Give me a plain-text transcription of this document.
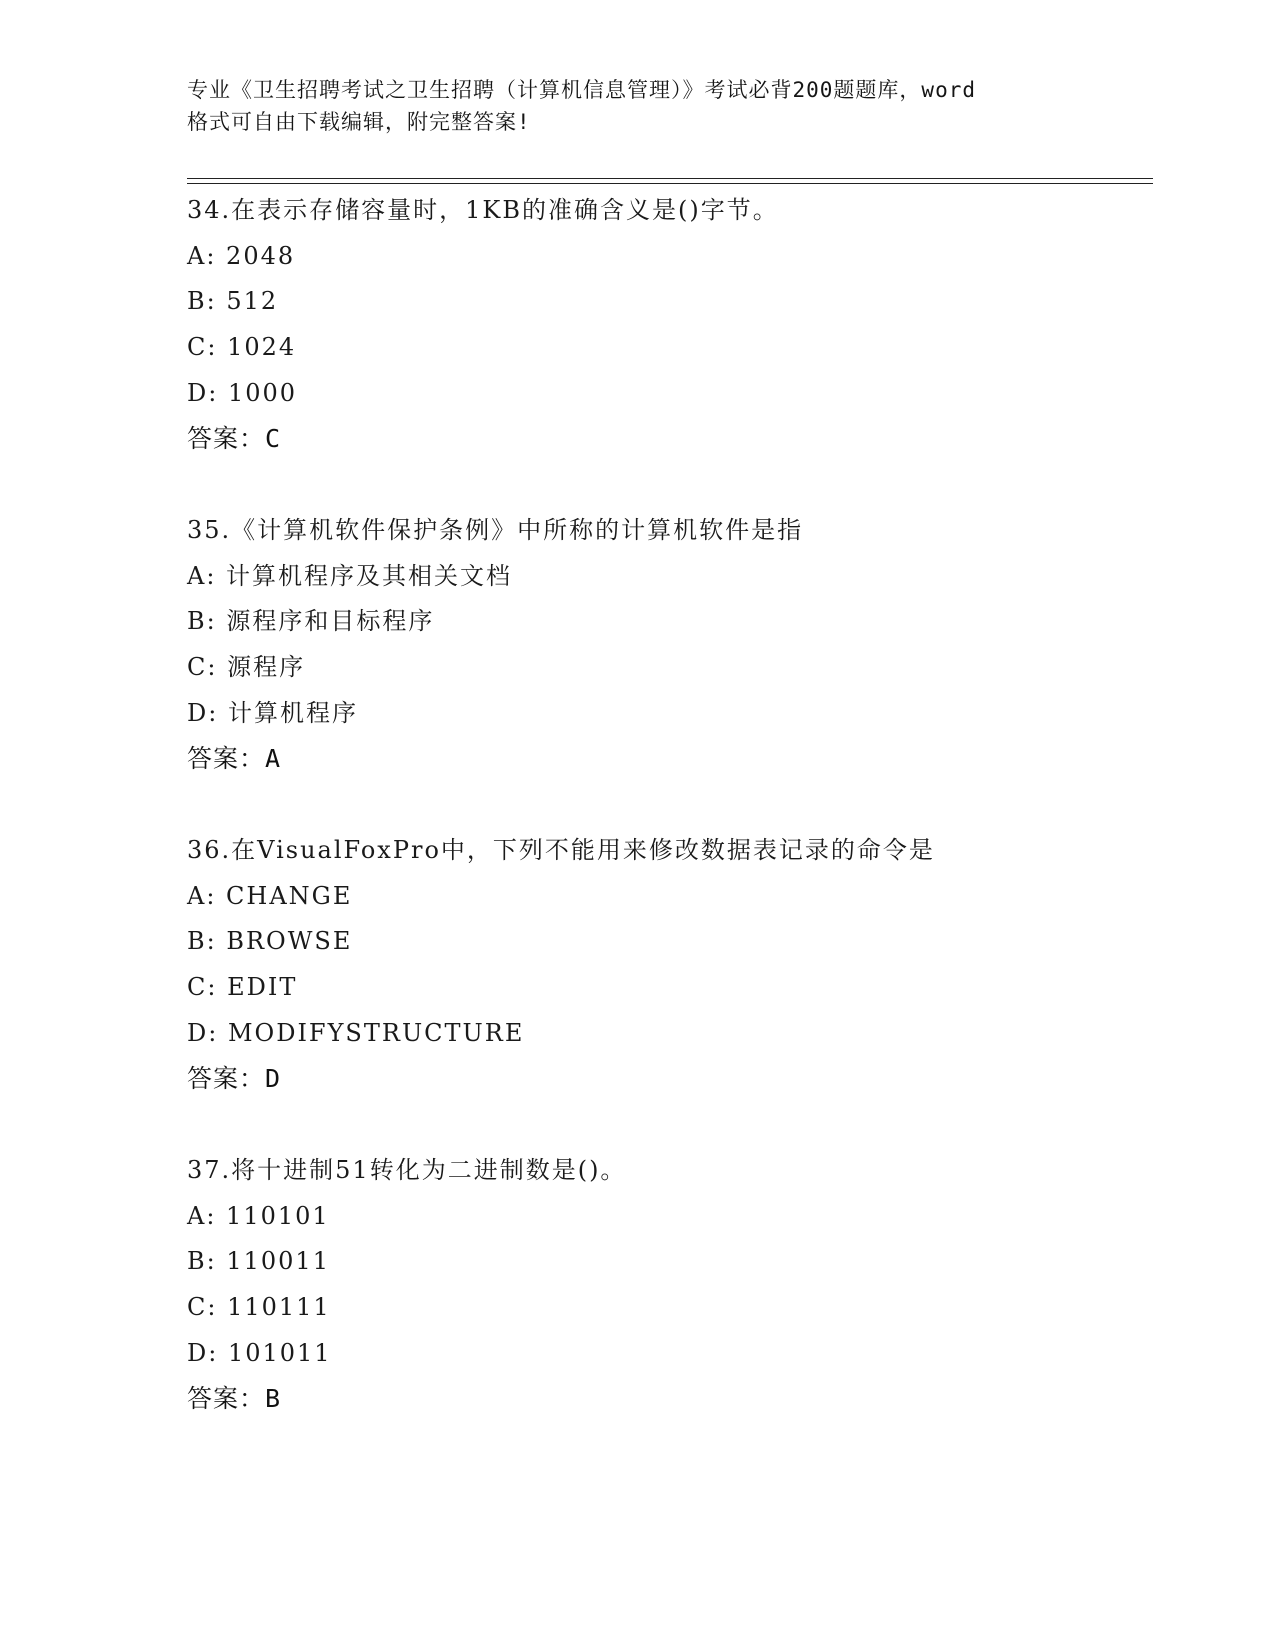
专业《卫生招聘考试之卫生招聘（计算机信息管理）》考试必背200题题库，word
格式可自由下载编辑，附完整答案!
34.在表示存储容量时，1KB的准确含义是()字节。
A: 2048
B: 512
C: 1024
D: 1000
答案：C
35.《计算机软件保护条例》中所称的计算机软件是指
A: 计算机程序及其相关文档
B: 源程序和目标程序
C: 源程序
D: 计算机程序
答案：A
36.在VisualFoxPro中，下列不能用来修改数据表记录的命令是
A: CHANGE
B: BROWSE
C: EDIT
D: MODIFYSTRUCTURE
答案：D
37.将十进制51转化为二进制数是()。
A: 110101
B: 110011
C: 110111
D: 101011
答案：B
